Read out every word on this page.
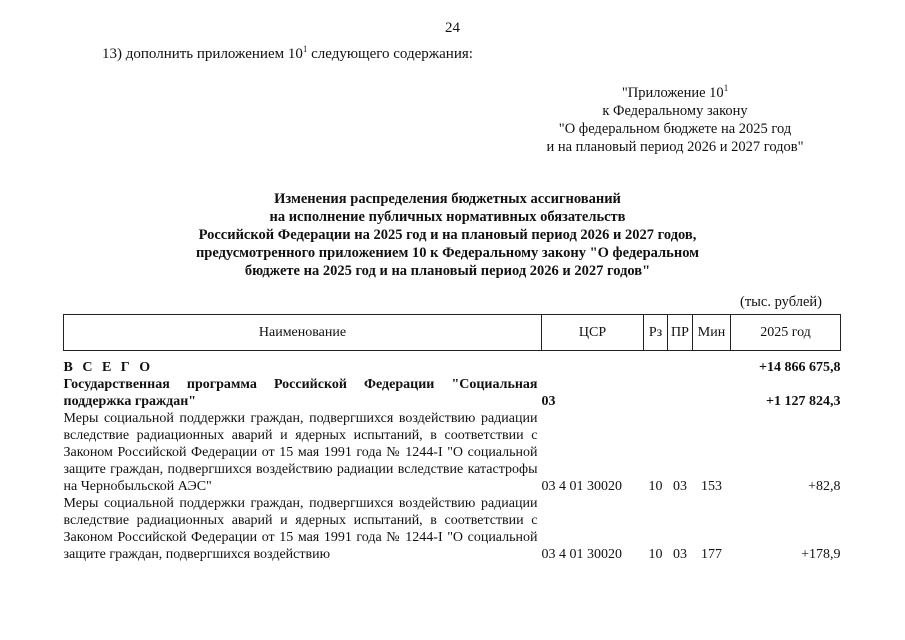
24
13) дополнить приложением $10^1$ следующего содержания:
"Приложение $10^1$
к Федеральному закону
"О федеральном бюджете на 2025 год
и на плановый период 2026 и 2027 годов"
Изменения распределения бюджетных ассигнований
на исполнение публичных нормативных обязательств
Российской Федерации на 2025 год и на плановый период 2026 и 2027 годов,
предусмотренного приложением 10 к Федеральному закону "О федеральном
бюджете на 2025 год и на плановый период 2026 и 2027 годов"
(тыс. рублей)
Наименование	ЦСР	Рз	ПР	Мин	2025 год

В С Е Г О					+14 866 675,8
Государственная программа Российской Федерации "Социальная поддержка граждан"	03				+1 127 824,3
Меры социальной поддержки граждан, подвергшихся воздействию радиации вследствие радиационных аварий и ядерных испытаний, в соответствии с Законом Российской Федерации от 15 мая 1991 года № 1244-I "О социальной защите граждан, подвергшихся воздействию радиации вследствие катастрофы на Чернобыльской АЭС"	03 4 01 30020	10	03	153	+82,8
Меры социальной поддержки граждан, подвергшихся воздействию радиации вследствие радиационных аварий и ядерных испытаний, в соответствии с Законом Российской Федерации от 15 мая 1991 года № 1244-I "О социальной защите граждан, подвергшихся воздействию	03 4 01 30020	10	03	177	+178,9
